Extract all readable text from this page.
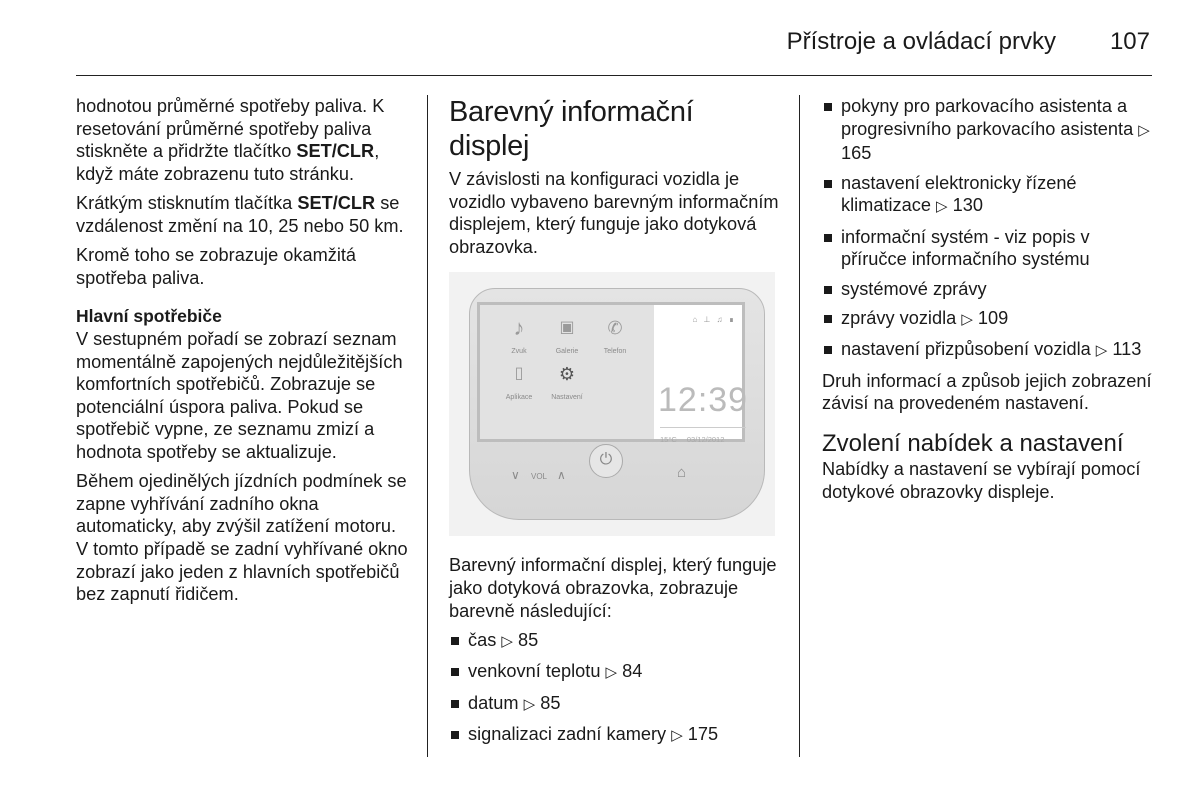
Přístroje a ovládací prvky 107

hodnotou průměrné spotřeby paliva. K resetování průměrné spotřeby paliva stiskněte a přidržte tlačítko SET/CLR, když máte zobrazenu tuto stránku.

Krátkým stisknutím tlačítka SET/CLR se vzdálenost změní na 10, 25 nebo 50 km.

Kromě toho se zobrazuje okamžitá spotřeba paliva.

Hlavní spotřebiče

V sestupném pořadí se zobrazí seznam momentálně zapojených nejdůležitějších komfortních spotřebičů. Zobrazuje se potenciální úspora paliva. Pokud se spotřebič vypne, ze seznamu zmizí a hodnota spotřeby se aktualizuje.

Během ojedinělých jízdních podmínek se zapne vyhřívání zadního okna automaticky, aby zvýšil zatížení motoru. V tomto případě se zadní vyhřívané okno zobrazí jako jeden z hlavních spotřebičů bez zapnutí řidičem.

Barevný informační displej

V závislosti na konfiguraci vozidla je vozidlo vybaveno barevným informačním displejem, který funguje jako dotyková obrazovka.

♪
Zvuk
▣
Galerie
✆
Telefon
▯
Aplikace
⚙
Nastavení
⌂ ⊥ ♫ ∎
12:39
15°C 03/12/2012
∨ VOL ∧
⏻
⌂

Barevný informační displej, který funguje jako dotyková obrazovka, zobrazuje barevně následující:

čas ▷ 85
venkovní teplotu ▷ 84
datum ▷ 85
signalizaci zadní kamery ▷ 175
pokyny pro parkovacího asistenta a progresivního parkovacího asistenta ▷ 165
nastavení elektronicky řízené klimatizace ▷ 130
informační systém - viz popis v příručce informačního systému
systémové zprávy
zprávy vozidla ▷ 109
nastavení přizpůsobení vozidla ▷ 113

Druh informací a způsob jejich zobrazení závisí na provedeném nastavení.

Zvolení nabídek a nastavení

Nabídky a nastavení se vybírají pomocí dotykové obrazovky displeje.
